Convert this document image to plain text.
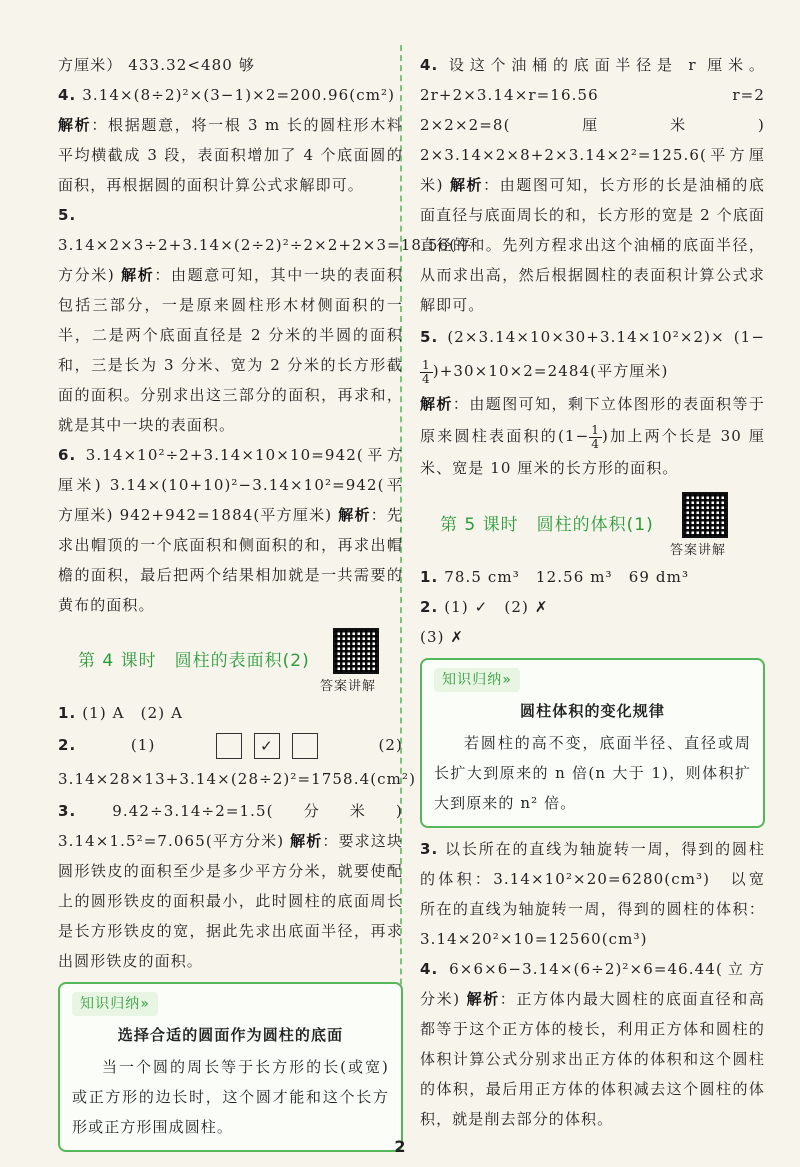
方厘米） 433.32<480 够

4. 3.14×(8÷2)²×(3−1)×2=200.96(cm²)

解析：根据题意，将一根 3 m 长的圆柱形木料平均横截成 3 段，表面积增加了 4 个底面圆的面积，再根据圆的面积计算公式求解即可。

5. 3.14×2×3÷2+3.14×(2÷2)²÷2×2+2×3=18.56(平方分米) 解析：由题意可知，其中一块的表面积包括三部分，一是原来圆柱形木材侧面积的一半，二是两个底面直径是 2 分米的半圆的面积和，三是长为 3 分米、宽为 2 分米的长方形截面的面积。分别求出这三部分的面积，再求和，就是其中一块的表面积。

6. 3.14×10²÷2+3.14×10×10=942(平方厘米) 3.14×(10+10)²−3.14×10²=942(平方厘米) 942+942=1884(平方厘米) 解析：先求出帽顶的一个底面积和侧面积的和，再求出帽檐的面积，最后把两个结果相加就是一共需要的黄布的面积。

第 4 课时　圆柱的表面积(2)
答案讲解

1. (1) A　(2) A

2.	(1)	✓	(2) 3.14×28×13+3.14×(28÷2)²=1758.4(cm²)

3. 9.42÷3.14÷2=1.5(分米) 3.14×1.5²=7.065(平方分米) 解析：要求这块圆形铁皮的面积至少是多少平方分米，就要使配上的圆形铁皮的面积最小，此时圆柱的底面周长是长方形铁皮的宽，据此先求出底面半径，再求出圆形铁皮的面积。

知识归纳»
选择合适的圆面作为圆柱的底面
当一个圆的周长等于长方形的长(或宽)或正方形的边长时，这个圆才能和这个长方形或正方形围成圆柱。

4. 设这个油桶的底面半径是 r 厘米。 2r+2×3.14×r=16.56　r=2　2×2×2=8(厘米) 2×3.14×2×8+2×3.14×2²=125.6(平方厘米) 解析：由题图可知，长方形的长是油桶的底面直径与底面周长的和，长方形的宽是 2 个底面直径的和。先列方程求出这个油桶的底面半径，从而求出高，然后根据圆柱的表面积计算公式求解即可。

5. (2×3.14×10×30+3.14×10²×2)× (1−
$\frac{1}{4} )+30\times 10\times 2=2484$(平方厘米)

解析：由题图可知，剩下立体图形的表面积等于原来圆柱表面积的($1- \frac{1}{4}$ )加上两个长是 30 厘米、宽是 10 厘米的长方形的面积。

第 5 课时　圆柱的体积(1)
答案讲解

1. 78.5 cm³　12.56 m³　69 dm³

2. (1) ✓　(2) ✗

(3) ✗

知识归纳»
圆柱体积的变化规律
若圆柱的高不变，底面半径、直径或周长扩大到原来的 n 倍(n 大于 1)，则体积扩大到原来的 n² 倍。

3. 以长所在的直线为轴旋转一周，得到的圆柱的体积：3.14×10²×20=6280(cm³)　以宽所在的直线为轴旋转一周，得到的圆柱的体积：3.14×20²×10=12560(cm³)

4. 6×6×6−3.14×(6÷2)²×6=46.44(立方分米) 解析：正方体内最大圆柱的底面直径和高都等于这个正方体的棱长，利用正方体和圆柱的体积计算公式分别求出正方体的体积和这个圆柱的体积，最后用正方体的体积减去这个圆柱的体积，就是削去部分的体积。

2
